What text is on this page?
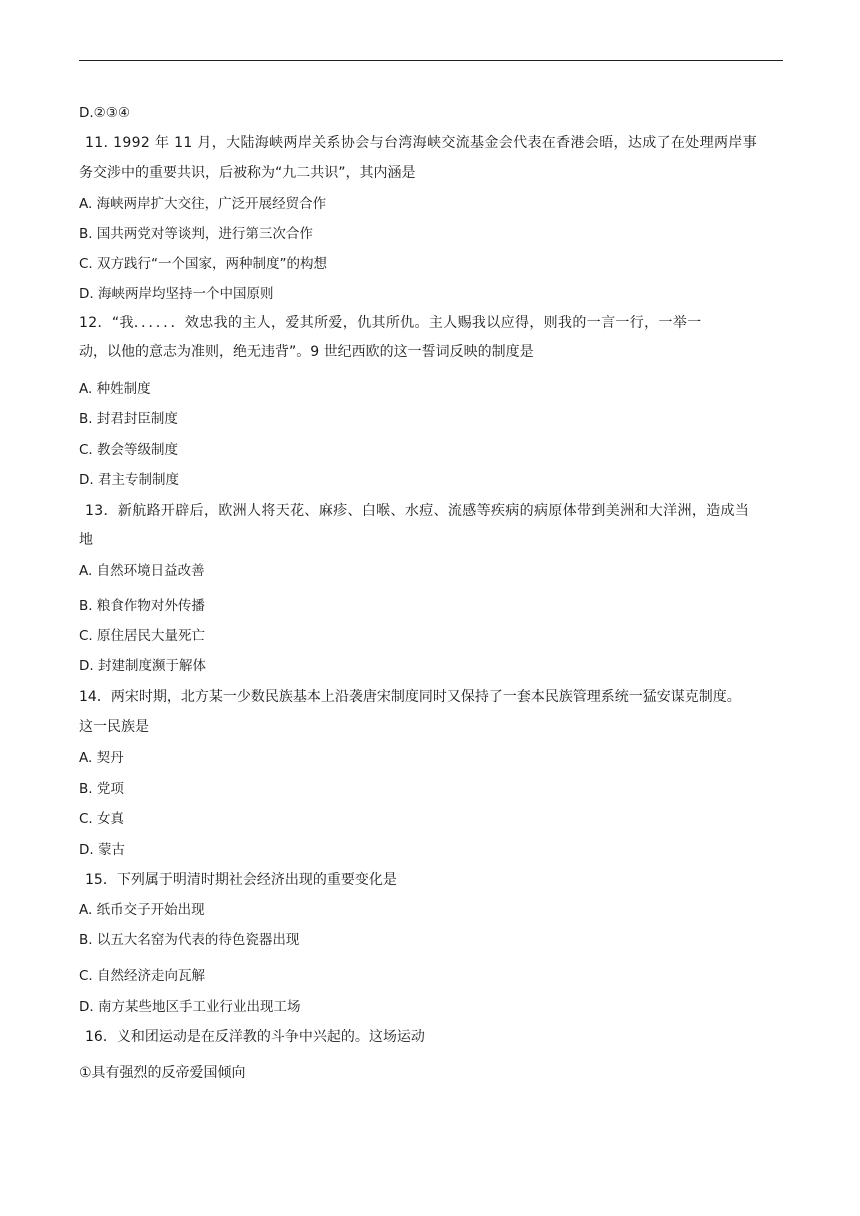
D.②③④
11. 1992 年 11 月，大陆海峡两岸关系协会与台湾海峡交流基金会代表在香港会晤，达成了在处理两岸事
务交涉中的重要共识，后被称为“九二共识”，其内涵是
A. 海峡两岸扩大交往，广泛开展经贸合作
B. 国共两党对等谈判，进行第三次合作
C. 双方践行“一个国家，两种制度”的构想
D. 海峡两岸均坚持一个中国原则
12．“我．．．．．．效忠我的主人，爱其所爱，仇其所仇。主人赐我以应得，则我的一言一行，一举一
动，以他的意志为准则，绝无违背”。9 世纪西欧的这一誓词反映的制度是
A. 种姓制度
B. 封君封臣制度
C. 教会等级制度
D. 君主专制制度
13．新航路开辟后，欧洲人将天花、麻疹、白喉、水痘、流感等疾病的病原体带到美洲和大洋洲，造成当
地
A. 自然环境日益改善
B. 粮食作物对外传播
C. 原住居民大量死亡
D. 封建制度濒于解体
14．两宋时期，北方某一少数民族基本上沿袭唐宋制度同时又保持了一套本民族管理系统一猛安谋克制度。
这一民族是
A. 契丹
B. 党项
C. 女真
D. 蒙古
15．下列属于明清时期社会经济出现的重要变化是
A. 纸币交子开始出现
B. 以五大名窑为代表的待色瓷器出现
C. 自然经济走向瓦解
D. 南方某些地区手工业行业出现工场
16．义和团运动是在反洋教的斗争中兴起的。这场运动
①具有强烈的反帝爱国倾向
